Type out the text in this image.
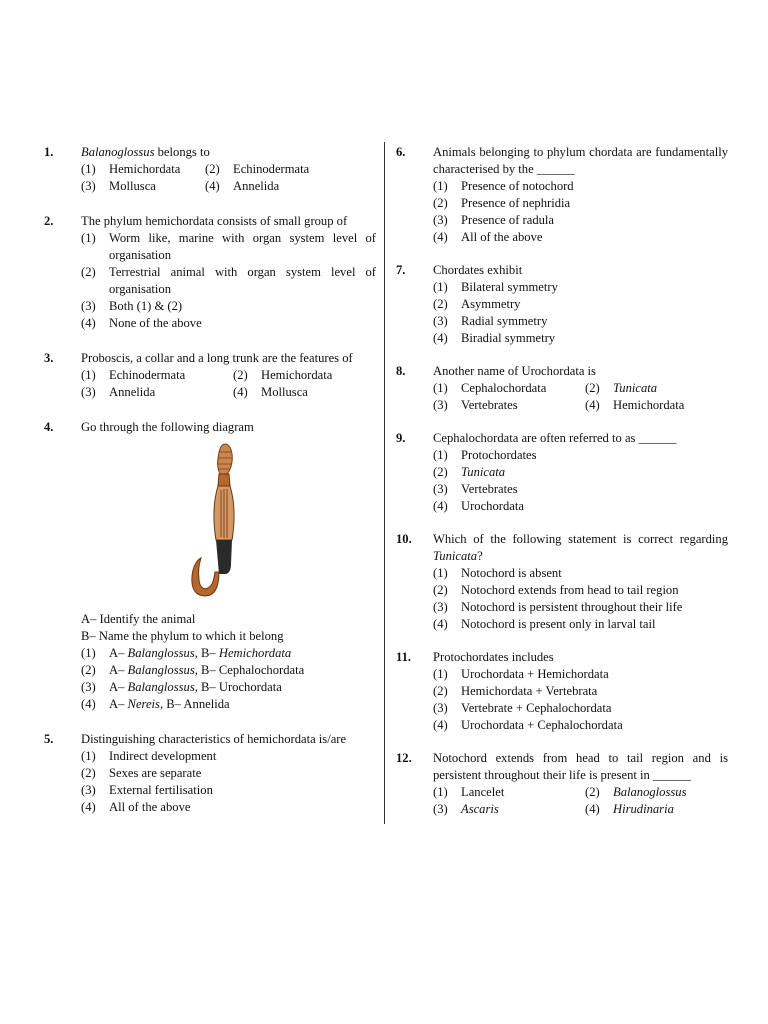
1. Balanoglossus belongs to
(1) Hemichordata	(2) Echinodermata
(3) Mollusca	(4) Annelida
2. The phylum hemichordata consists of small group of
(1) Worm like, marine with organ system level of organisation
(2) Terrestrial animal with organ system level of organisation
(3) Both (1) & (2)
(4) None of the above
3. Proboscis, a collar and a long trunk are the features of
(1) Echinodermata	(2) Hemichordata
(3) Annelida	(4) Mollusca
4. Go through the following diagram
A– Identify the animal
B– Name the phylum to which it belong
(1) A– Balanglossus, B– Hemichordata
(2) A– Balanglossus, B– Cephalochordata
(3) A– Balanglossus, B– Urochordata
(4) A– Nereis, B– Annelida
5. Distinguishing characteristics of hemichordata is/are
(1) Indirect development
(2) Sexes are separate
(3) External fertilisation
(4) All of the above
6. Animals belonging to phylum chordata are fundamentally characterised by the ______
(1) Presence of notochord
(2) Presence of nephridia
(3) Presence of radula
(4) All of the above
7. Chordates exhibit
(1) Bilateral symmetry
(2) Asymmetry
(3) Radial symmetry
(4) Biradial symmetry
8. Another name of Urochordata is
(1) Cephalochordata	(2) Tunicata
(3) Vertebrates	(4) Hemichordata
9. Cephalochordata are often referred to as ______
(1) Protochordates
(2) Tunicata
(3) Vertebrates
(4) Urochordata
10. Which of the following statement is correct regarding Tunicata?
(1) Notochord is absent
(2) Notochord extends from head to tail region
(3) Notochord is persistent throughout their life
(4) Notochord is present only in larval tail
11. Protochordates includes
(1) Urochordata + Hemichordata
(2) Hemichordata + Vertebrata
(3) Vertebrate + Cephalochordata
(4) Urochordata + Cephalochordata
12. Notochord extends from head to tail region and is persistent throughout their life is present in ______
(1) Lancelet	(2) Balanoglossus
(3) Ascaris	(4) Hirudinaria
